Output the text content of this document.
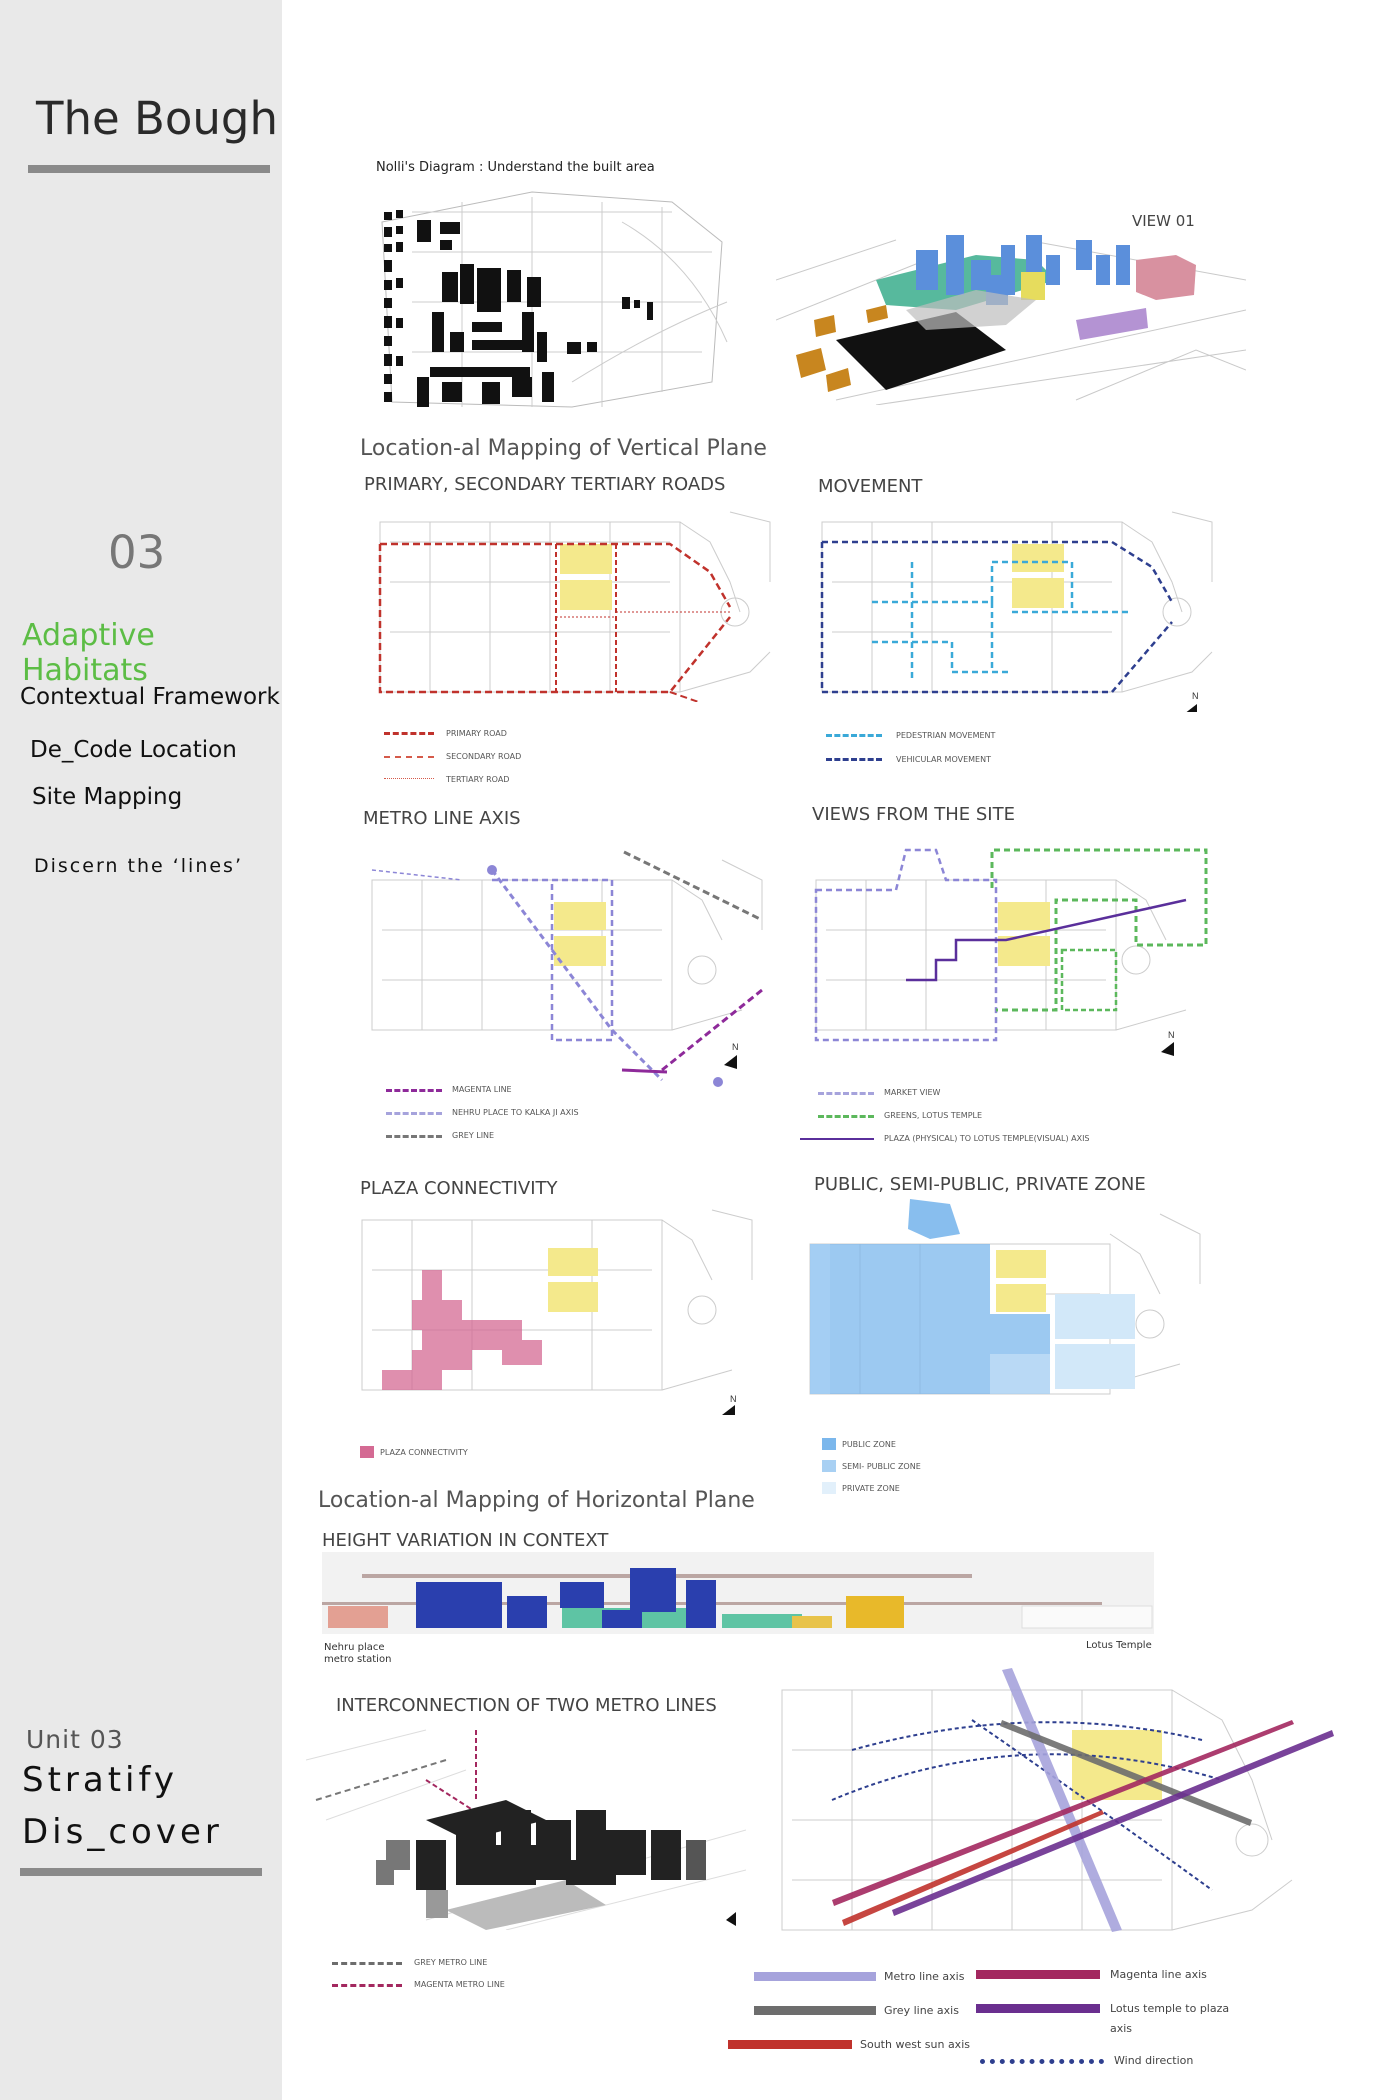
The Bough
03
Adaptive Habitats
Contextual Framework
De_Code Location
Site Mapping
Discern the ‘lines’
Unit 03
Stratify
Dis_cover
Nolli's Diagram : Understand the built area
VIEW 01
Location-al Mapping of Vertical Plane
PRIMARY, SECONDARY TERTIARY ROADS
PRIMARY ROAD
SECONDARY ROAD
TERTIARY ROAD
MOVEMENT
N
PEDESTRIAN MOVEMENT
VEHICULAR MOVEMENT
METRO LINE AXIS
N
MAGENTA LINE
NEHRU PLACE TO KALKA JI AXIS
GREY LINE
VIEWS FROM THE SITE
N
MARKET VIEW
GREENS, LOTUS TEMPLE
PLAZA (PHYSICAL) TO LOTUS TEMPLE(VISUAL) AXIS
PLAZA CONNECTIVITY
N
PLAZA CONNECTIVITY
PUBLIC, SEMI-PUBLIC, PRIVATE ZONE
PUBLIC ZONE
SEMI- PUBLIC ZONE
PRIVATE ZONE
Location-al Mapping of Horizontal Plane
HEIGHT VARIATION IN CONTEXT
Nehru place
metro station
Lotus Temple
INTERCONNECTION OF TWO METRO LINES
GREY METRO LINE
MAGENTA METRO LINE
Metro line axis
Grey line axis
South west sun axis
Magenta line axis
Lotus temple to plaza
axis
Wind direction
